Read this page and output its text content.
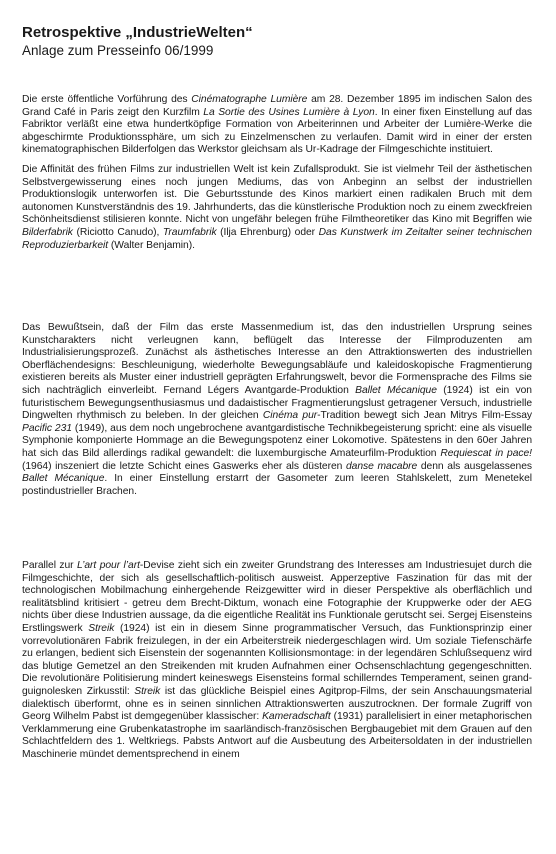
Retrospektive „IndustrieWelten“
Anlage zum Presseinfo 06/1999
Die erste öffentliche Vorführung des Cinématographe Lumière am 28. Dezember 1895 im indischen Salon des Grand Café in Paris zeigt den Kurzfilm La Sortie des Usines Lumière à Lyon. In einer fixen Einstellung auf das Fabriktor verläßt eine etwa hundertköpfige Formation von Arbeiterinnen und Arbeiter der Lumière-Werke die abgeschirmte Produktionssphäre, um sich zu Einzelmenschen zu verlaufen. Damit wird in einer der ersten kinematographischen Bilderfolgen das Werkstor gleichsam als Ur-Kadrage der Filmgeschichte instituiert.
Die Affinität des frühen Films zur industriellen Welt ist kein Zufallsprodukt. Sie ist vielmehr Teil der ästhetischen Selbstvergewisserung eines noch jungen Mediums, das von Anbeginn an selbst der industriellen Produktionslogik unterworfen ist. Die Geburtsstunde des Kinos markiert einen radikalen Bruch mit dem autonomen Kunstverständnis des 19. Jahrhunderts, das die künstlerische Produktion noch zu einem zweckfreien Schönheitsdienst stilisieren konnte. Nicht von ungefähr belegen frühe Filmtheoretiker das Kino mit Begriffen wie Bilderfabrik (Riciotto Canudo), Traumfabrik (Ilja Ehrenburg) oder Das Kunstwerk im Zeitalter seiner technischen Reproduzierbarkeit (Walter Benjamin).
Das Bewußtsein, daß der Film das erste Massenmedium ist, das den industriellen Ursprung seines Kunstcharakters nicht verleugnen kann, beflügelt das Interesse der Filmproduzenten am Industrialisierungsprozeß. Zunächst als ästhetisches Interesse an den Attraktionswerten des industriellen Oberflächendesigns: Beschleunigung, wiederholte Bewegungsabläufe und kaleidoskopische Fragmentierung existieren bereits als Muster einer industriell geprägten Erfahrungswelt, bevor die Formensprache des Films sie sich nachträglich einverleibt. Fernand Légers Avantgarde-Produktion Ballet Mécanique (1924) ist ein von futuristischem Bewegungsenthusiasmus und dadaistischer Fragmentierungslust getragener Versuch, industrielle Dingwelten rhythmisch zu beleben. In der gleichen Cinéma pur-Tradition bewegt sich Jean Mitrys Film-Essay Pacific 231 (1949), aus dem noch ungebrochene avantgardistische Technikbegeisterung spricht: eine als visuelle Symphonie komponierte Hommage an die Bewegungspotenz einer Lokomotive. Spätestens in den 60er Jahren hat sich das Bild allerdings radikal gewandelt: die luxemburgische Amateurfilm-Produktion Requiescat in pace! (1964) inszeniert die letzte Schicht eines Gaswerks eher als düsteren danse macabre denn als ausgelassenes Ballet Mécanique. In einer Einstellung erstarrt der Gasometer zum leeren Stahlskelett, zum Menetekel postindustrieller Brachen.
Parallel zur L’art pour l’art-Devise zieht sich ein zweiter Grundstrang des Interesses am Industriesujet durch die Filmgeschichte, der sich als gesellschaftlich-politisch ausweist. Apperzeptive Faszination für das mit der technologischen Mobilmachung einhergehende Reizgewitter wird in dieser Perspektive als oberflächlich und realitätsblind kritisiert - getreu dem Brecht-Diktum, wonach eine Fotographie der Kruppwerke oder der AEG nichts über diese Industrien aussage, da die eigentliche Realität ins Funktionale gerutscht sei. Sergej Eisensteins Erstlingswerk Streik (1924) ist ein in diesem Sinne programmatischer Versuch, das Funktionsprinzip einer vorrevolutionären Fabrik freizulegen, in der ein Arbeiterstreik niedergeschlagen wird. Um soziale Tiefenschärfe zu erlangen, bedient sich Eisenstein der sogenannten Kollisionsmontage: in der legendären Schlußsequenz wird das blutige Gemetzel an den Streikenden mit kruden Aufnahmen einer Ochsenschlachtung gegengeschnitten. Die revolutionäre Politisierung mindert keineswegs Eisensteins formal schillerndes Temperament, seinen grand-guignolesken Zirkusstil: Streik ist das glückliche Beispiel eines Agitprop-Films, der sein Anschauungsmaterial dialektisch überformt, ohne es in seinen sinnlichen Attraktionswerten auszutrocknen. Der formale Zugriff von Georg Wilhelm Pabst ist demgegenüber klassischer: Kameradschaft (1931) parallelisiert in einer metaphorischen Verklammerung eine Grubenkatastrophe im saarländisch-französischen Bergbaugebiet mit dem Grauen auf den Schlachtfeldern des 1. Weltkriegs. Pabsts Antwort auf die Ausbeutung des Arbeitersoldaten in der industriellen Maschinerie mündet dementsprechend in einem
